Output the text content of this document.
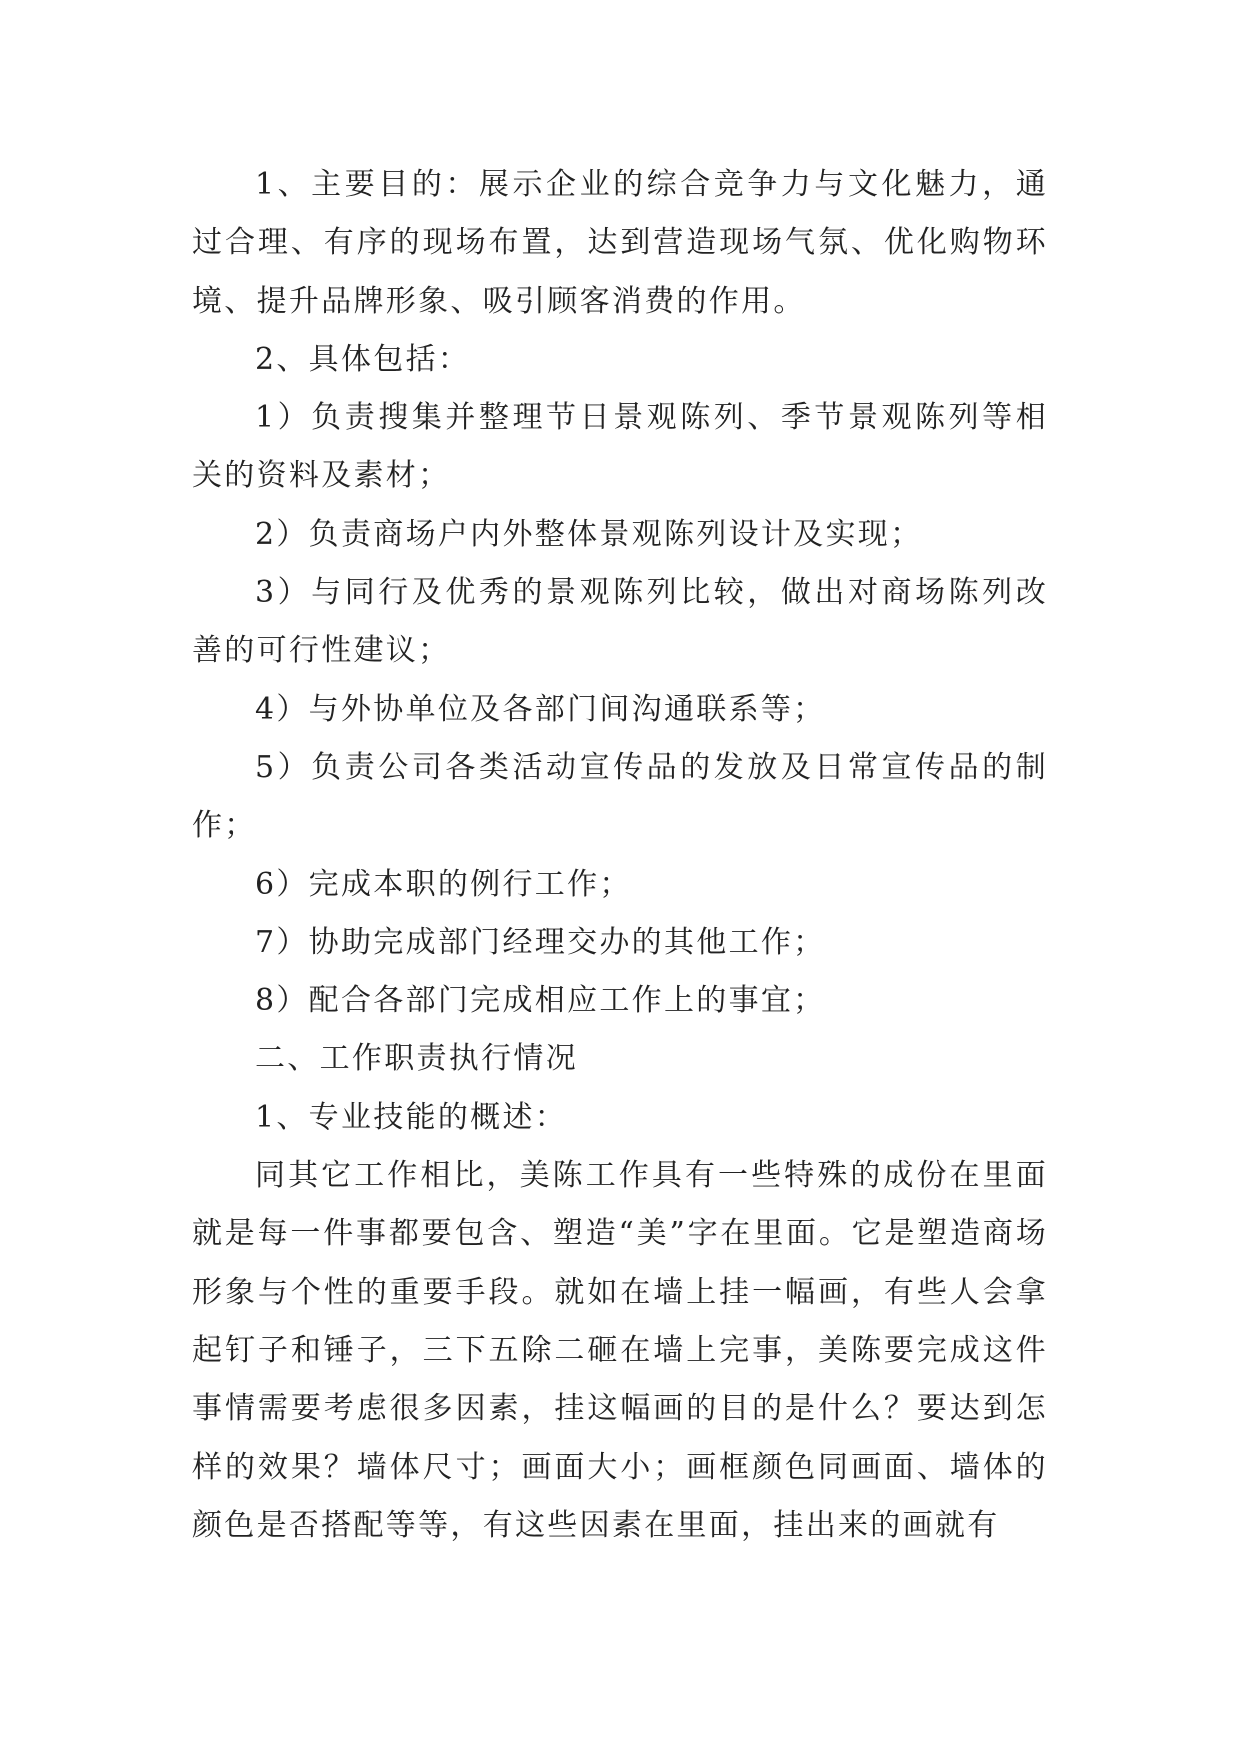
1、主要目的：展示企业的综合竞争力与文化魅力，通过合理、有序的现场布置，达到营造现场气氛、优化购物环境、提升品牌形象、吸引顾客消费的作用。

2、具体包括：

1）负责搜集并整理节日景观陈列、季节景观陈列等相关的资料及素材；

2）负责商场户内外整体景观陈列设计及实现；

3）与同行及优秀的景观陈列比较，做出对商场陈列改善的可行性建议；

4）与外协单位及各部门间沟通联系等；

5）负责公司各类活动宣传品的发放及日常宣传品的制作；

6）完成本职的例行工作；

7）协助完成部门经理交办的其他工作；

8）配合各部门完成相应工作上的事宜；

二、工作职责执行情况

1、专业技能的概述：

同其它工作相比，美陈工作具有一些特殊的成份在里面就是每一件事都要包含、塑造“美”字在里面。它是塑造商场形象与个性的重要手段。就如在墙上挂一幅画，有些人会拿起钉子和锤子，三下五除二砸在墙上完事，美陈要完成这件事情需要考虑很多因素，挂这幅画的目的是什么？要达到怎样的效果？墙体尺寸；画面大小；画框颜色同画面、墙体的颜色是否搭配等等，有这些因素在里面，挂出来的画就有
